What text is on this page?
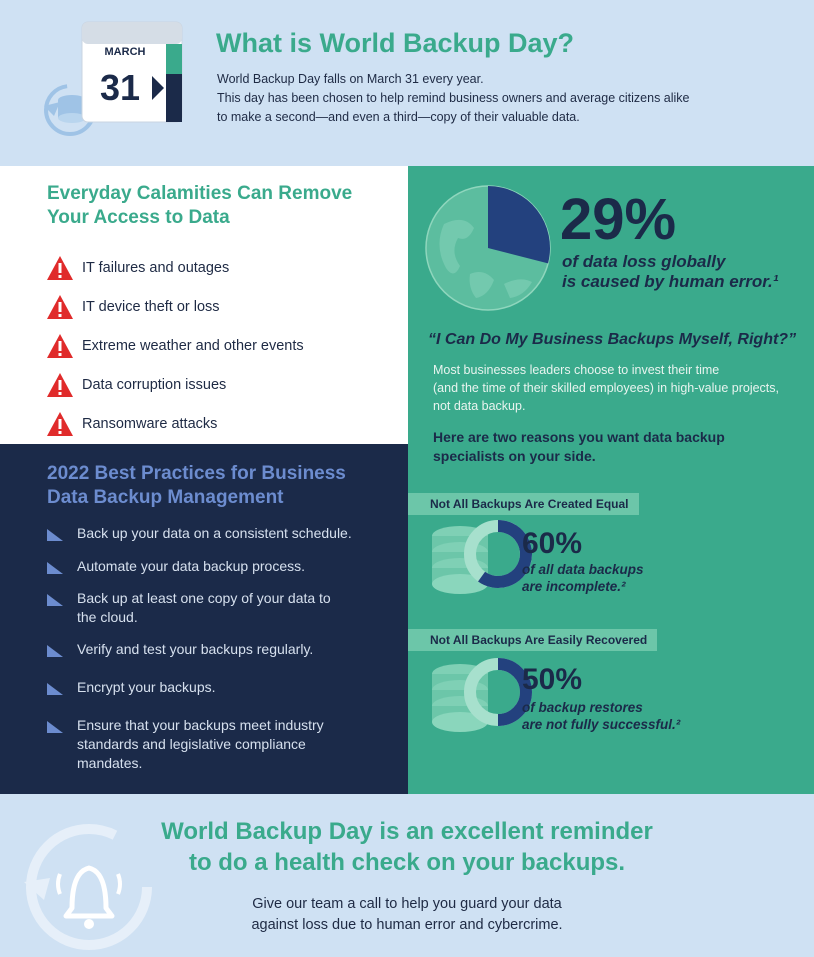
MARCH
31
What is World Backup Day?
World Backup Day falls on March 31 every year.
This day has been chosen to help remind business owners and average citizens alike
to make a second—and even a third—copy of their valuable data.
Everyday Calamities Can Remove Your Access to Data
IT failures and outages
IT device theft or loss
Extreme weather and other events
Data corruption issues
Ransomware attacks
2022 Best Practices for Business Data Backup Management
Back up your data on a consistent schedule.
Automate your data backup process.
Back up at least one copy of your data to the cloud.
Verify and test your backups regularly.
Encrypt your backups.
Ensure that your backups meet industry standards and legislative compliance mandates.
29%
of data loss globally
is caused by human error.¹
“I Can Do My Business Backups Myself, Right?”
Most businesses leaders choose to invest their time
(and the time of their skilled employees) in high-value projects,
not data backup.
Here are two reasons you want data backup specialists on your side.
Not All Backups Are Created Equal
60%
of all data backups
are incomplete.²
Not All Backups Are Easily Recovered
50%
of backup restores
are not fully successful.²
World Backup Day is an excellent reminder
to do a health check on your backups.
Give our team a call to help you guard your data
against loss due to human error and cybercrime.
